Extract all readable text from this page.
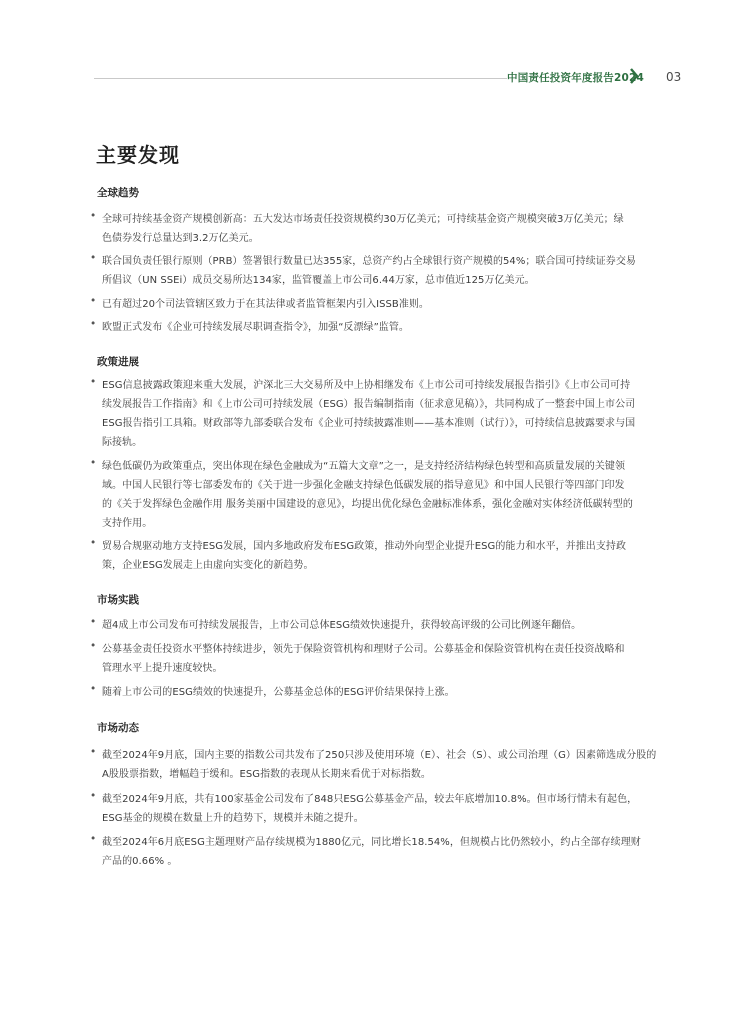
中国责任投资年度报告2024 03
主要发现
全球趋势
• 全球可持续基金资产规模创新高：五大发达市场责任投资规模约30万亿美元；可持续基金资产规模突破3万亿美元；绿
色债券发行总量达到3.2万亿美元。
• 联合国负责任银行原则（PRB）签署银行数量已达355家，总资产约占全球银行资产规模的54%；联合国可持续证券交易
所倡议（UN SSEi）成员交易所达134家，监管覆盖上市公司6.44万家，总市值近125万亿美元。
• 已有超过20个司法管辖区致力于在其法律或者监管框架内引入ISSB准则。
• 欧盟正式发布《企业可持续发展尽职调查指令》，加强“反漂绿”监管。
政策进展
• ESG信息披露政策迎来重大发展，沪深北三大交易所及中上协相继发布《上市公司可持续发展报告指引》《上市公司可持
续发展报告工作指南》和《上市公司可持续发展（ESG）报告编制指南（征求意见稿）》，共同构成了一整套中国上市公司
ESG报告指引工具箱。财政部等九部委联合发布《企业可持续披露准则——基本准则（试行）》，可持续信息披露要求与国
际接轨。
• 绿色低碳仍为政策重点，突出体现在绿色金融成为“五篇大文章”之一，是支持经济结构绿色转型和高质量发展的关键领
域。中国人民银行等七部委发布的《关于进一步强化金融支持绿色低碳发展的指导意见》和中国人民银行等四部门印发
的《关于发挥绿色金融作用 服务美丽中国建设的意见》，均提出优化绿色金融标准体系，强化金融对实体经济低碳转型的
支持作用。
• 贸易合规驱动地方支持ESG发展，国内多地政府发布ESG政策，推动外向型企业提升ESG的能力和水平，并推出支持政
策，企业ESG发展走上由虚向实变化的新趋势。
市场实践
• 超4成上市公司发布可持续发展报告，上市公司总体ESG绩效快速提升，获得较高评级的公司比例逐年翻倍。
• 公募基金责任投资水平整体持续进步，领先于保险资管机构和理财子公司。公募基金和保险资管机构在责任投资战略和
管理水平上提升速度较快。
• 随着上市公司的ESG绩效的快速提升，公募基金总体的ESG评价结果保持上涨。
市场动态
• 截至2024年9月底，国内主要的指数公司共发布了250只涉及使用环境（E）、社会（S）、或公司治理（G）因素筛选成分股的
A股股票指数，增幅趋于缓和。ESG指数的表现从长期来看优于对标指数。
• 截至2024年9月底，共有100家基金公司发布了848只ESG公募基金产品，较去年底增加10.8%。但市场行情未有起色，
ESG基金的规模在数量上升的趋势下，规模并未随之提升。
• 截至2024年6月底ESG主题理财产品存续规模为1880亿元，同比增长18.54%，但规模占比仍然较小，约占全部存续理财
产品的0.66% 。
